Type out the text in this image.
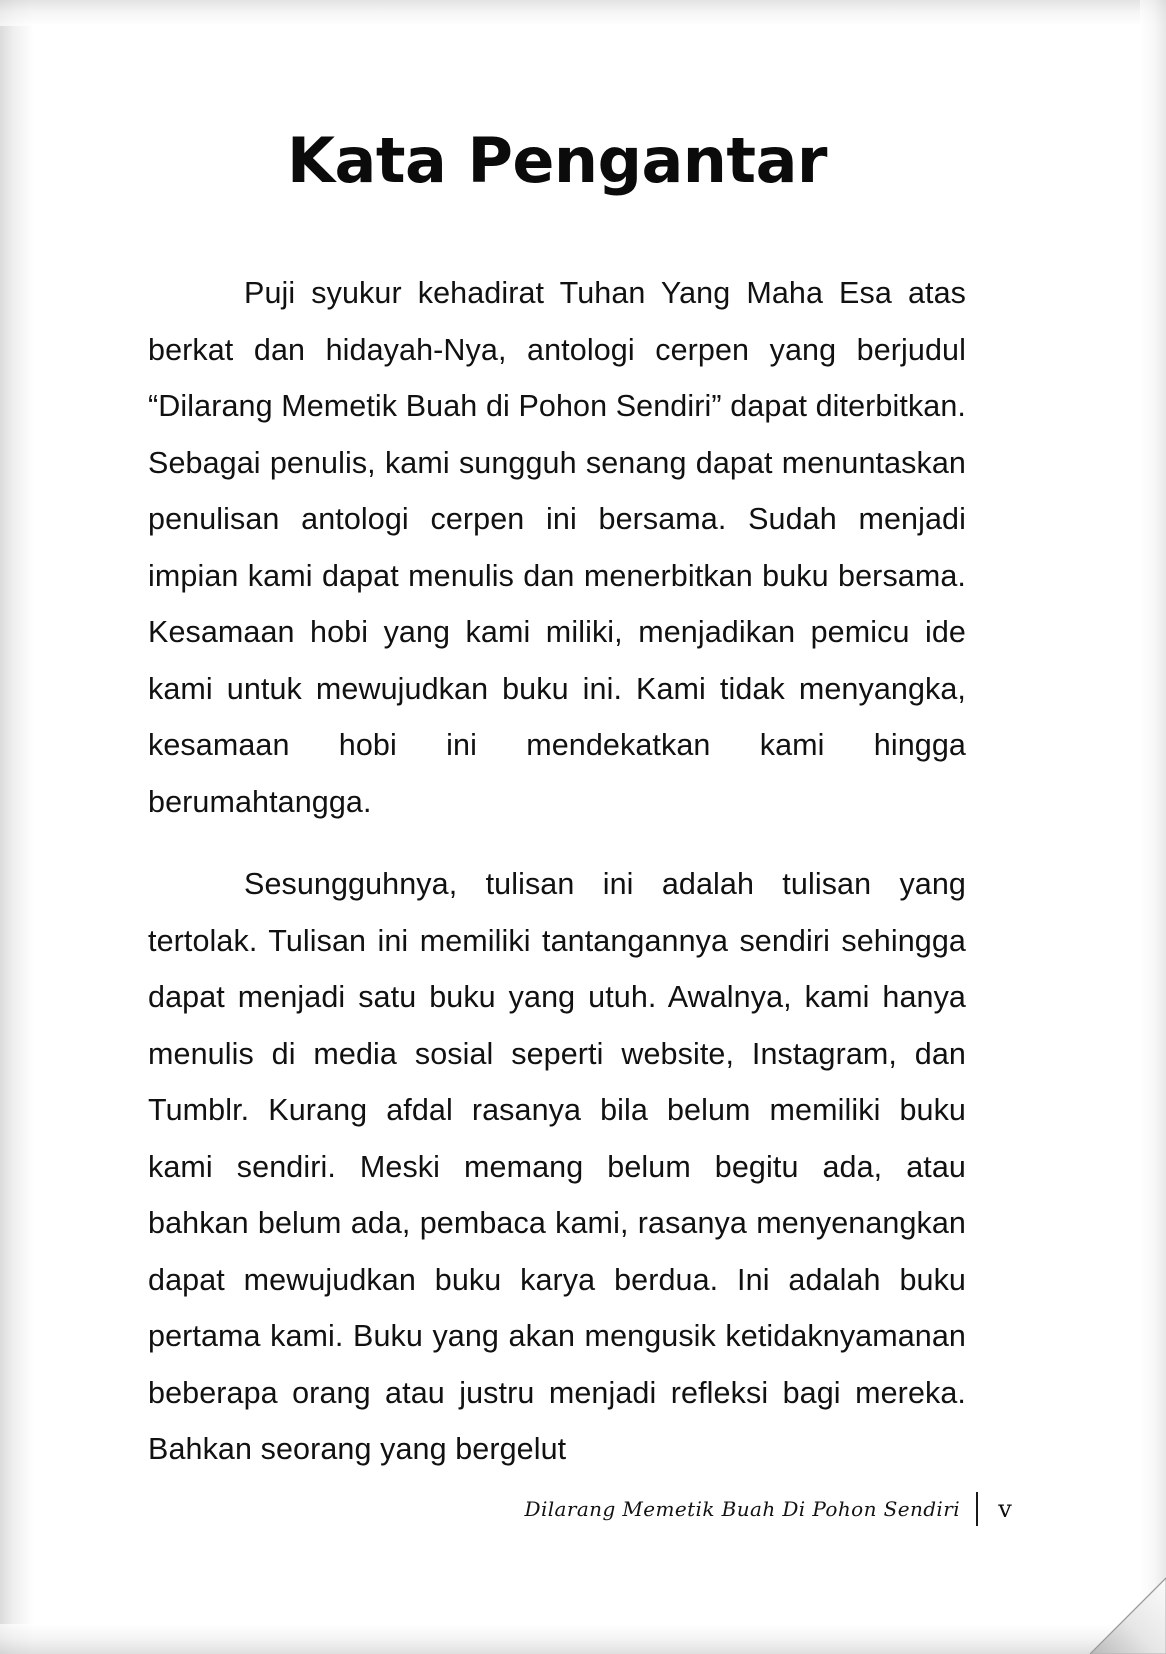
Kata Pengantar

Puji syukur kehadirat Tuhan Yang Maha Esa atas berkat dan hidayah-Nya, antologi cerpen yang berjudul “Dilarang Memetik Buah di Pohon Sendiri” dapat diterbitkan. Sebagai penulis, kami sungguh senang dapat menuntaskan penulisan antologi cerpen ini bersama. Sudah menjadi impian kami dapat menulis dan menerbitkan buku bersama. Kesamaan hobi yang kami miliki, menjadikan pemicu ide kami untuk mewujudkan buku ini. Kami tidak menyangka, kesamaan hobi ini mendekatkan kami hingga berumahtangga.

Sesungguhnya, tulisan ini adalah tulisan yang tertolak. Tulisan ini memiliki tantangannya sendiri sehingga dapat menjadi satu buku yang utuh. Awalnya, kami hanya menulis di media sosial seperti website, Instagram, dan Tumblr. Kurang afdal rasanya bila belum memiliki buku kami sendiri. Meski memang belum begitu ada, atau bahkan belum ada, pembaca kami, rasanya menyenangkan dapat mewujudkan buku karya berdua. Ini adalah buku pertama kami. Buku yang akan mengusik ketidaknyamanan beberapa orang atau justru menjadi refleksi bagi mereka. Bahkan seorang yang bergelut

Dilarang Memetik Buah Di Pohon Sendiri v
